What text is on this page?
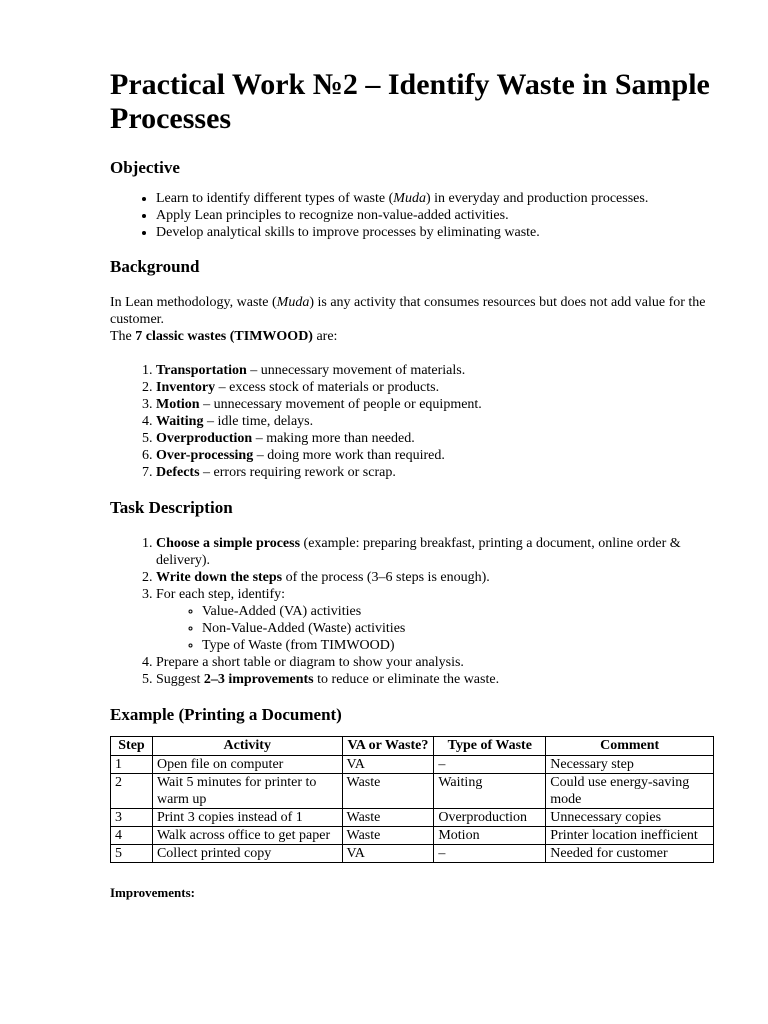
Practical Work №2 – Identify Waste in Sample Processes
Objective
• Learn to identify different types of waste (Muda) in everyday and production processes.
• Apply Lean principles to recognize non-value-added activities.
• Develop analytical skills to improve processes by eliminating waste.
Background

In Lean methodology, waste (Muda) is any activity that consumes resources but does not add value for the customer.

The 7 classic wastes (TIMWOOD) are:

1. Transportation – unnecessary movement of materials.
2. Inventory – excess stock of materials or products.
3. Motion – unnecessary movement of people or equipment.
4. Waiting – idle time, delays.
5. Overproduction – making more than needed.
6. Over-processing – doing more work than required.
7. Defects – errors requiring rework or scrap.
Task Description
1. Choose a simple process (example: preparing breakfast, printing a document, online order & delivery).
2. Write down the steps of the process (3–6 steps is enough).
3. For each step, identify:
◦ Value-Added (VA) activities
◦ Non-Value-Added (Waste) activities
◦ Type of Waste (from TIMWOOD)
4. Prepare a short table or diagram to show your analysis.
5. Suggest 2–3 improvements to reduce or eliminate the waste.
Example (Printing a Document)
Step	Activity	VA or Waste?	Type of Waste	Comment
1	Open file on computer	VA	–	Necessary step
2	Wait 5 minutes for printer to warm up	Waste	Waiting	Could use energy-saving mode
3	Print 3 copies instead of 1	Waste	Overproduction	Unnecessary copies
4	Walk across office to get paper	Waste	Motion	Printer location inefficient
5	Collect printed copy	VA	–	Needed for customer

Improvements:
